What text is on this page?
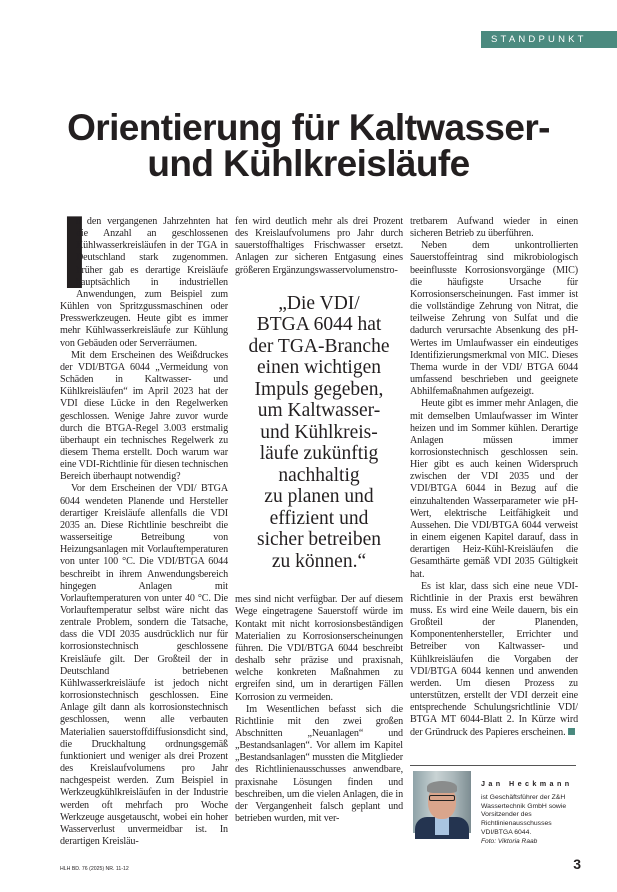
STANDPUNKT
Orientierung für Kaltwasser-
und Kühlkreisläufe

I
n den vergangenen Jahrzehnten hat die Anzahl an geschlossenen Kühlwasserkreisläufen in der TGA in Deutschland stark zugenommen. Früher gab es derartige Kreisläufe hauptsächlich in industriellen Anwendungen, zum Beispiel zum Kühlen von Spritzgussmaschinen oder Presswerkzeugen. Heute gibt es immer mehr Kühlwasserkreisläufe zur Kühlung von Gebäuden oder Serverräumen.

Mit dem Erscheinen des Weißdruckes der VDI/BTGA 6044 „Vermeidung von Schäden in Kaltwasser- und Kühlkreisläufen“ im April 2023 hat der VDI diese Lücke in den Regelwerken geschlossen. Wenige Jahre zuvor wurde durch die BTGA-Regel 3.003 erstmalig überhaupt ein technisches Regelwerk zu diesem Thema erstellt. Doch warum war eine VDI-Richtlinie für diesen technischen Bereich überhaupt notwendig?

Vor dem Erscheinen der VDI/ BTGA 6044 wendeten Planende und Hersteller derartiger Kreisläufe allenfalls die VDI 2035 an. Diese Richtlinie beschreibt die wasserseitige Betreibung von Heizungsanlagen mit Vorlauftemperaturen von unter 100 °C. Die VDI/BTGA 6044 beschreibt in ihrem Anwendungsbereich hingegen Anlagen mit Vorlauftemperaturen von unter 40 °C. Die Vorlauftemperatur selbst wäre nicht das zentrale Problem, sondern die Tatsache, dass die VDI 2035 ausdrücklich nur für korrosionstechnisch geschlossene Kreisläufe gilt. Der Großteil der in Deutschland betriebenen Kühlwasserkreisläufe ist jedoch nicht korrosionstechnisch geschlossen. Eine Anlage gilt dann als korrosionstechnisch geschlossen, wenn alle verbauten Materialien sauerstoffdiffusionsdicht sind, die Druckhaltung ordnungsgemäß funktioniert und weniger als drei Prozent des Kreislaufvolumens pro Jahr nachgespeist werden. Zum Beispiel in Werkzeugkühlkreisläufen in der Industrie werden oft mehrfach pro Woche Werkzeuge ausgetauscht, wobei ein hoher Wasserverlust unvermeidbar ist. In derartigen Kreisläu-

fen wird deutlich mehr als drei Prozent des Kreislaufvolumens pro Jahr durch sauerstoffhaltiges Frischwasser ersetzt. Anlagen zur sicheren Entgasung eines größeren Ergänzungswasservolumenstro-

„Die VDI/
BTGA 6044 hat
der TGA-Branche
einen wichtigen
Impuls gegeben,
um Kaltwasser-
und Kühlkreis-
läufe zukünftig
nachhaltig
zu planen und
effizient und
sicher betreiben
zu können.“

mes sind nicht verfügbar. Der auf diesem Wege eingetragene Sauerstoff würde im Kontakt mit nicht korrosionsbeständigen Materialien zu Korrosionserscheinungen führen. Die VDI/BTGA 6044 beschreibt deshalb sehr präzise und praxisnah, welche konkreten Maßnahmen zu ergreifen sind, um in derartigen Fällen Korrosion zu vermeiden.

Im Wesentlichen befasst sich die Richtlinie mit den zwei großen Abschnitten „Neuanlagen“ und „Bestandsanlagen“. Vor allem im Kapitel „Bestandsanlagen“ mussten die Mitglieder des Richtlinienausschusses anwendbare, praxisnahe Lösungen finden und beschreiben, um die vielen Anlagen, die in der Vergangenheit falsch geplant und betrieben wurden, mit ver-

tretbarem Aufwand wieder in einen sicheren Betrieb zu überführen.

Neben dem unkontrollierten Sauerstoffeintrag sind mikrobiologisch beeinflusste Korrosionsvorgänge (MIC) die häufigste Ursache für Korrosionserscheinungen. Fast immer ist die vollständige Zehrung von Nitrat, die teilweise Zehrung von Sulfat und die dadurch verursachte Absenkung des pH-Wertes im Umlaufwasser ein eindeutiges Identifizierungsmerkmal von MIC. Dieses Thema wurde in der VDI/ BTGA 6044 umfassend beschrieben und geeignete Abhilfemaßnahmen aufgezeigt.

Heute gibt es immer mehr Anlagen, die mit demselben Umlaufwasser im Winter heizen und im Sommer kühlen. Derartige Anlagen müssen immer korrosionstechnisch geschlossen sein. Hier gibt es auch keinen Widerspruch zwischen der VDI 2035 und der VDI/BTGA 6044 in Bezug auf die einzuhaltenden Wasserparameter wie pH-Wert, elektrische Leitfähigkeit und Aussehen. Die VDI/BTGA 6044 verweist in einem eigenen Kapitel darauf, dass in derartigen Heiz-Kühl-Kreisläufen die Gesamthärte gemäß VDI 2035 Gültigkeit hat.

Es ist klar, dass sich eine neue VDI-Richtlinie in der Praxis erst bewähren muss. Es wird eine Weile dauern, bis ein Großteil der Planenden, Komponentenhersteller, Errichter und Betreiber von Kaltwasser- und Kühlkreisläufen die Vorgaben der VDI/BTGA 6044 kennen und anwenden werden. Um diesen Prozess zu unterstützen, erstellt der VDI derzeit eine entsprechende Schulungsrichtlinie VDI/ BTGA MT 6044-Blatt 2. In Kürze wird der Gründruck des Papieres erscheinen.

Jan Heckmann
ist Geschäftsführer der Z&H Wassertechnik GmbH sowie Vorsitzender des Richtlinienausschusses VDI/BTGA 6044.
Foto: Viktoria Raab
HLH BD. 76 (2025) NR. 11-12	3
